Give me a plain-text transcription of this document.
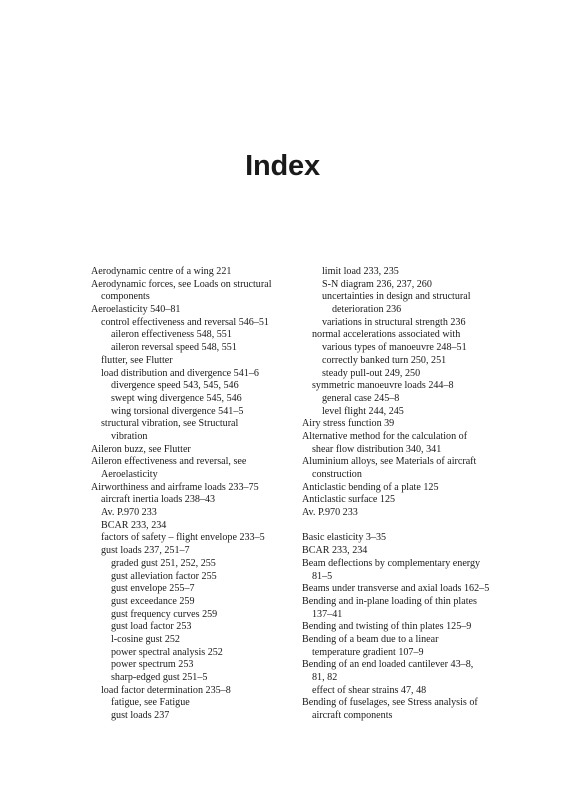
Index
Aerodynamic centre of a wing 221
Aerodynamic forces, see Loads on structural
components
Aeroelasticity 540–81
control effectiveness and reversal 546–51
aileron effectiveness 548, 551
aileron reversal speed 548, 551
flutter, see Flutter
load distribution and divergence 541–6
divergence speed 543, 545, 546
swept wing divergence 545, 546
wing torsional divergence 541–5
structural vibration, see Structural
vibration
Aileron buzz, see Flutter
Aileron effectiveness and reversal, see
Aeroelasticity
Airworthiness and airframe loads 233–75
aircraft inertia loads 238–43
Av. P.970 233
BCAR 233, 234
factors of safety – flight envelope 233–5
gust loads 237, 251–7
graded gust 251, 252, 255
gust alleviation factor 255
gust envelope 255–7
gust exceedance 259
gust frequency curves 259
gust load factor 253
l-cosine gust 252
power spectral analysis 252
power spectrum 253
sharp-edged gust 251–5
load factor determination 235–8
fatigue, see Fatigue
gust loads 237
limit load 233, 235
S-N diagram 236, 237, 260
uncertainties in design and structural
deterioration 236
variations in structural strength 236
normal accelerations associated with
various types of manoeuvre 248–51
correctly banked turn 250, 251
steady pull-out 249, 250
symmetric manoeuvre loads 244–8
general case 245–8
level flight 244, 245
Airy stress function 39
Alternative method for the calculation of
shear flow distribution 340, 341
Aluminium alloys, see Materials of aircraft
construction
Anticlastic bending of a plate 125
Anticlastic surface 125
Av. P.970 233
Basic elasticity 3–35
BCAR 233, 234
Beam deflections by complementary energy
81–5
Beams under transverse and axial loads 162–5
Bending and in-plane loading of thin plates
137–41
Bending and twisting of thin plates 125–9
Bending of a beam due to a linear
temperature gradient 107–9
Bending of an end loaded cantilever 43–8,
81, 82
effect of shear strains 47, 48
Bending of fuselages, see Stress analysis of
aircraft components
